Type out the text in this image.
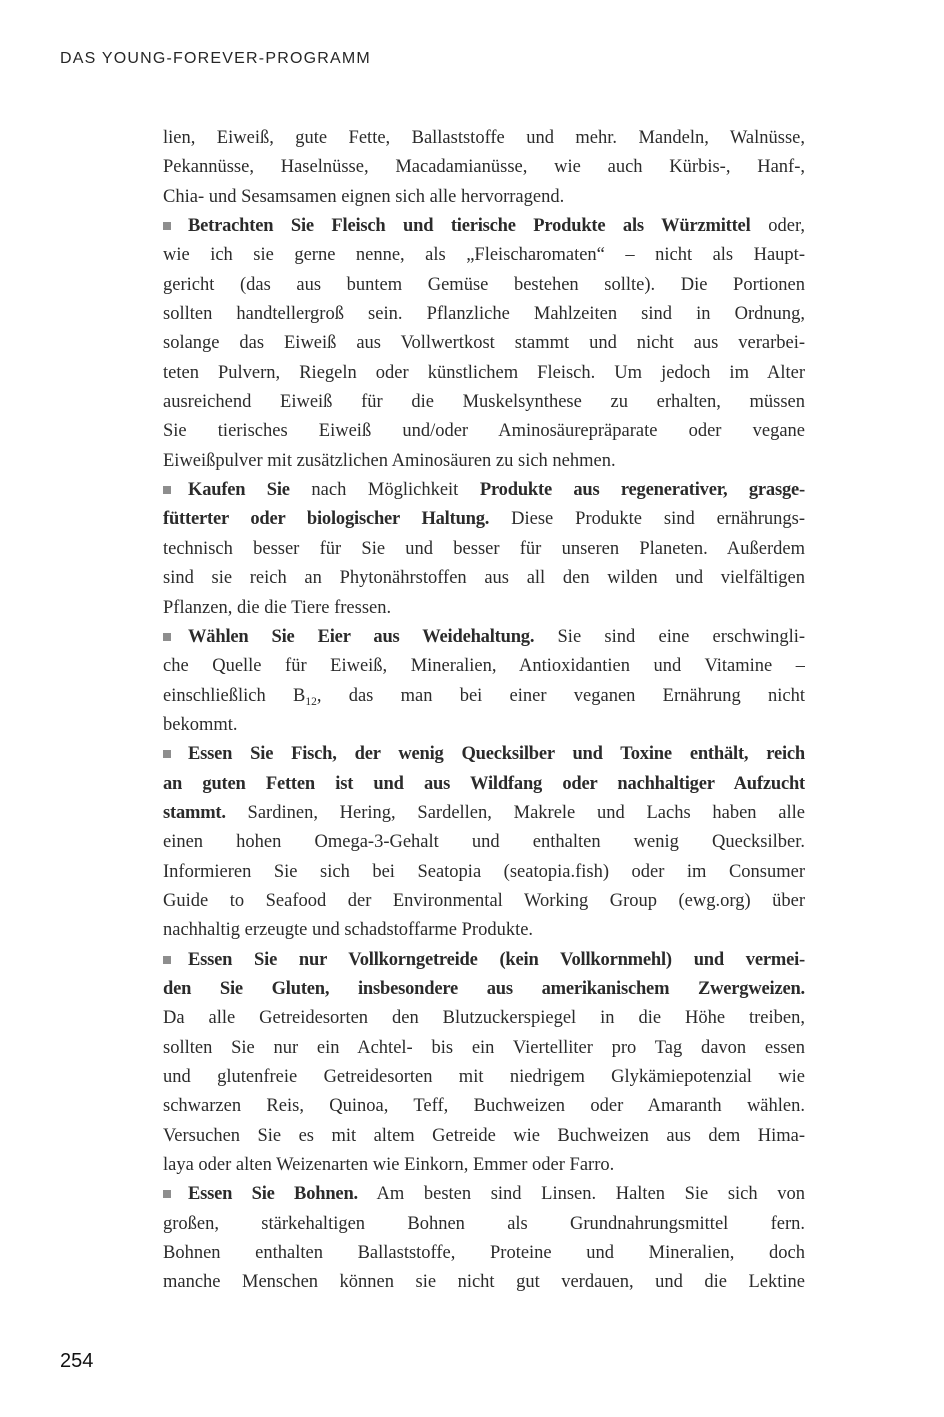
DAS YOUNG-FOREVER-PROGRAMM
lien, Eiweiß, gute Fette, Ballaststoffe und mehr. Mandeln, Walnüsse,
Pekannüsse, Haselnüsse, Macadamianüsse, wie auch Kürbis-, Hanf-,
Chia- und Sesamsamen eignen sich alle hervorragend.
Betrachten Sie Fleisch und tierische Produkte als Würzmittel oder,
wie ich sie gerne nenne, als „Fleischaromaten“ – nicht als Haupt-
gericht (das aus buntem Gemüse bestehen sollte). Die Portionen
sollten handtellergroß sein. Pflanzliche Mahlzeiten sind in Ordnung,
solange das Eiweiß aus Vollwertkost stammt und nicht aus verarbei-
teten Pulvern, Riegeln oder künstlichem Fleisch. Um jedoch im Alter
ausreichend Eiweiß für die Muskelsynthese zu erhalten, müssen
Sie tierisches Eiweiß und/oder Aminosäurepräparate oder vegane
Eiweißpulver mit zusätzlichen Aminosäuren zu sich nehmen.
Kaufen Sie nach Möglichkeit Produkte aus regenerativer, grasge-
fütterter oder biologischer Haltung. Diese Produkte sind ernährungs-
technisch besser für Sie und besser für unseren Planeten. Außerdem
sind sie reich an Phytonährstoffen aus all den wilden und vielfältigen
Pflanzen, die die Tiere fressen.
Wählen Sie Eier aus Weidehaltung. Sie sind eine erschwingli-
che Quelle für Eiweiß, Mineralien, Antioxidantien und Vitamine –
einschließlich $B_{12}$, das man bei einer veganen Ernährung nicht
bekommt.
Essen Sie Fisch, der wenig Quecksilber und Toxine enthält, reich
an guten Fetten ist und aus Wildfang oder nachhaltiger Aufzucht
stammt. Sardinen, Hering, Sardellen, Makrele und Lachs haben alle
einen hohen Omega-3-Gehalt und enthalten wenig Quecksilber.
Informieren Sie sich bei Seatopia (seatopia.fish) oder im Consumer
Guide to Seafood der Environmental Working Group (ewg.org) über
nachhaltig erzeugte und schadstoffarme Produkte.
Essen Sie nur Vollkorngetreide (kein Vollkornmehl) und vermei-
den Sie Gluten, insbesondere aus amerikanischem Zwergweizen.
Da alle Getreidesorten den Blutzuckerspiegel in die Höhe treiben,
sollten Sie nur ein Achtel- bis ein Viertelliter pro Tag davon essen
und glutenfreie Getreidesorten mit niedrigem Glykämiepotenzial wie
schwarzen Reis, Quinoa, Teff, Buchweizen oder Amaranth wählen.
Versuchen Sie es mit altem Getreide wie Buchweizen aus dem Hima-
laya oder alten Weizenarten wie Einkorn, Emmer oder Farro.
Essen Sie Bohnen. Am besten sind Linsen. Halten Sie sich von
großen, stärkehaltigen Bohnen als Grundnahrungsmittel fern.
Bohnen enthalten Ballaststoffe, Proteine und Mineralien, doch
manche Menschen können sie nicht gut verdauen, und die Lektine
254
